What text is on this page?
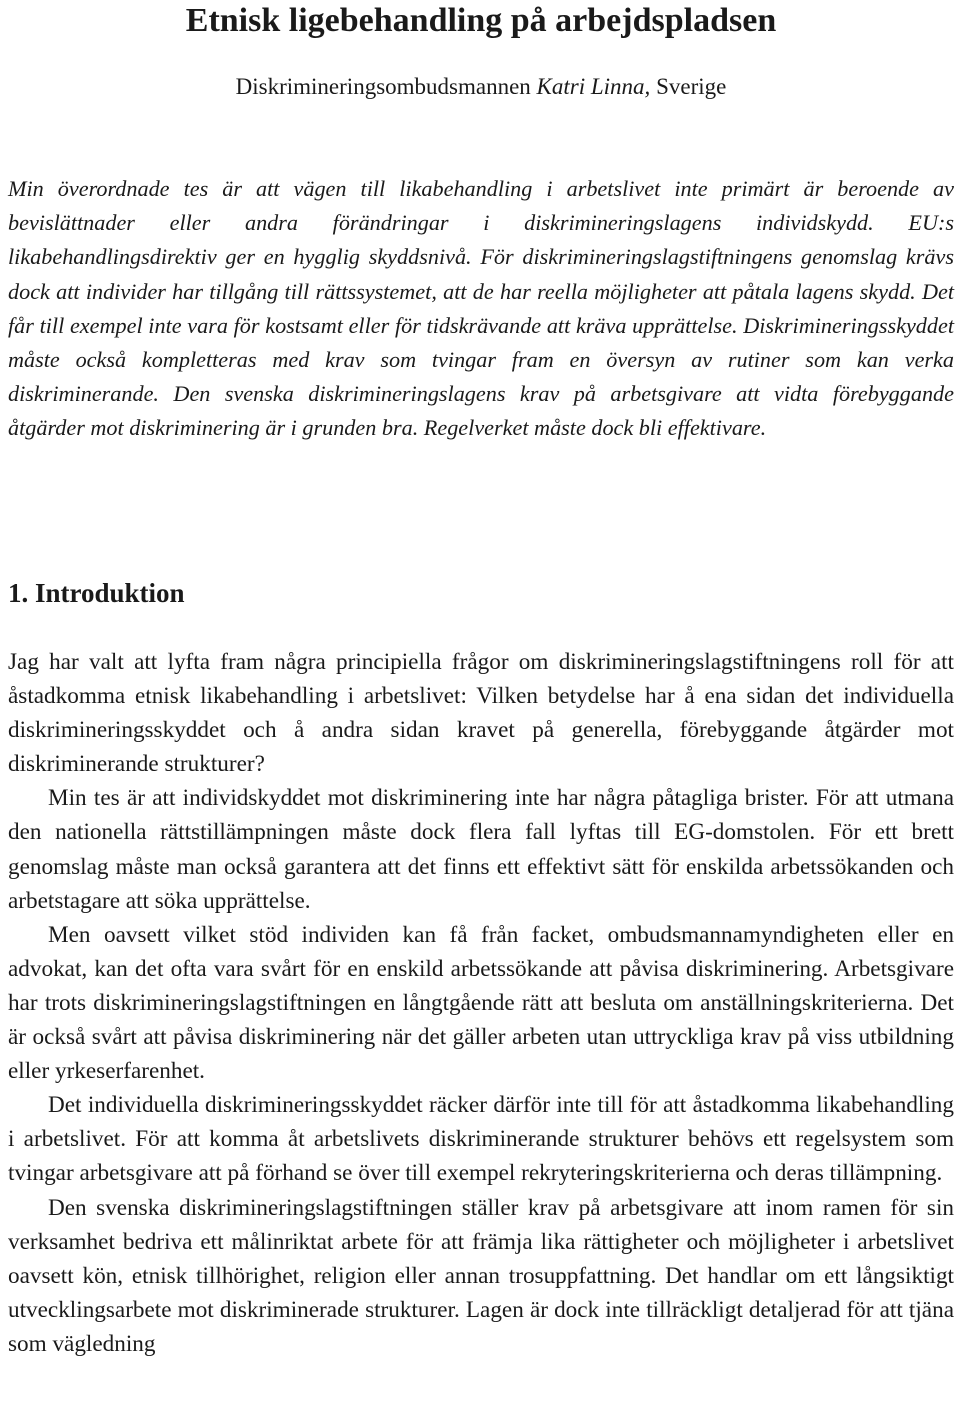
Etnisk ligebehandling på arbejdspladsen
Diskrimineringsombudsmannen Katri Linna, Sverige

Min överordnade tes är att vägen till likabehandling i arbetslivet inte primärt är beroende av bevislättnader eller andra förändringar i diskrimineringslagens individskydd. EU:s likabehandlingsdirektiv ger en hygglig skyddsnivå. För diskrimineringslagstiftningens genomslag krävs dock att individer har tillgång till rättssystemet, att de har reella möjligheter att påtala lagens skydd. Det får till exempel inte vara för kostsamt eller för tidskrävande att kräva upprättelse. Diskrimineringsskyddet måste också kompletteras med krav som tvingar fram en översyn av rutiner som kan verka diskriminerande. Den svenska diskrimineringslagens krav på arbetsgivare att vidta förebyggande åtgärder mot diskriminering är i grunden bra. Regelverket måste dock bli effektivare.

1. Introduktion

Jag har valt att lyfta fram några principiella frågor om diskrimineringslagstiftningens roll för att åstadkomma etnisk likabehandling i arbetslivet: Vilken betydelse har å ena sidan det individuella diskrimineringsskyddet och å andra sidan kravet på generella, förebyggande åtgärder mot diskriminerande strukturer?

Min tes är att individskyddet mot diskriminering inte har några påtagliga brister. För att utmana den nationella rättstillämpningen måste dock flera fall lyftas till EG-domstolen. För ett brett genomslag måste man också garantera att det finns ett effektivt sätt för enskilda arbetssökanden och arbetstagare att söka upprättelse.

Men oavsett vilket stöd individen kan få från facket, ombudsmannamyndigheten eller en advokat, kan det ofta vara svårt för en enskild arbetssökande att påvisa diskriminering. Arbetsgivare har trots diskrimineringslagstiftningen en långtgående rätt att besluta om anställningskriterierna. Det är också svårt att påvisa diskriminering när det gäller arbeten utan uttryckliga krav på viss utbildning eller yrkeserfarenhet.

Det individuella diskrimineringsskyddet räcker därför inte till för att åstadkomma likabehandling i arbetslivet. För att komma åt arbetslivets diskriminerande strukturer behövs ett regelsystem som tvingar arbetsgivare att på förhand se över till exempel rekryteringskriterierna och deras tillämpning.

Den svenska diskrimineringslagstiftningen ställer krav på arbetsgivare att inom ramen för sin verksamhet bedriva ett målinriktat arbete för att främja lika rättigheter och möjligheter i arbetslivet oavsett kön, etnisk tillhörighet, religion eller annan trosuppfattning. Det handlar om ett långsiktigt utvecklingsarbete mot diskriminerade strukturer. Lagen är dock inte tillräckligt detaljerad för att tjäna som vägledning
